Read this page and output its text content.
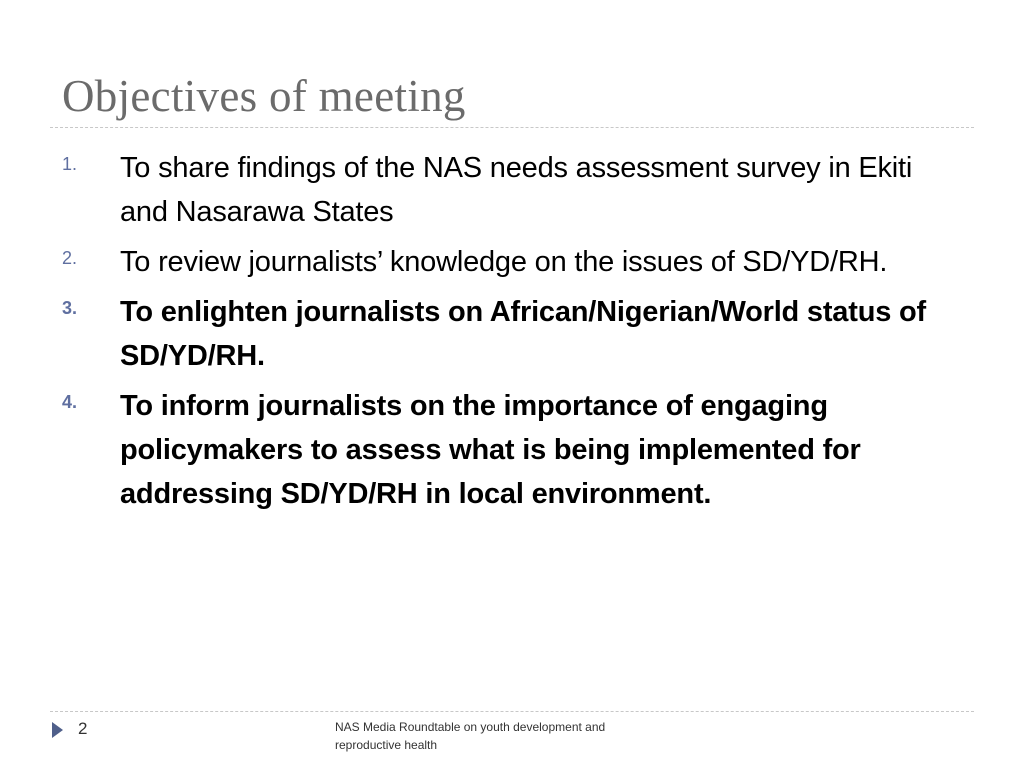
Objectives of meeting
1. To share findings of the NAS needs assessment survey in Ekiti and Nasarawa States
2. To review journalists’ knowledge on the issues of SD/YD/RH.
3. To enlighten journalists on African/Nigerian/World status of SD/YD/RH.
4. To inform journalists on the importance of engaging policymakers to assess what is being implemented for addressing SD/YD/RH in local environment.
2	NAS Media Roundtable on youth development and reproductive health
